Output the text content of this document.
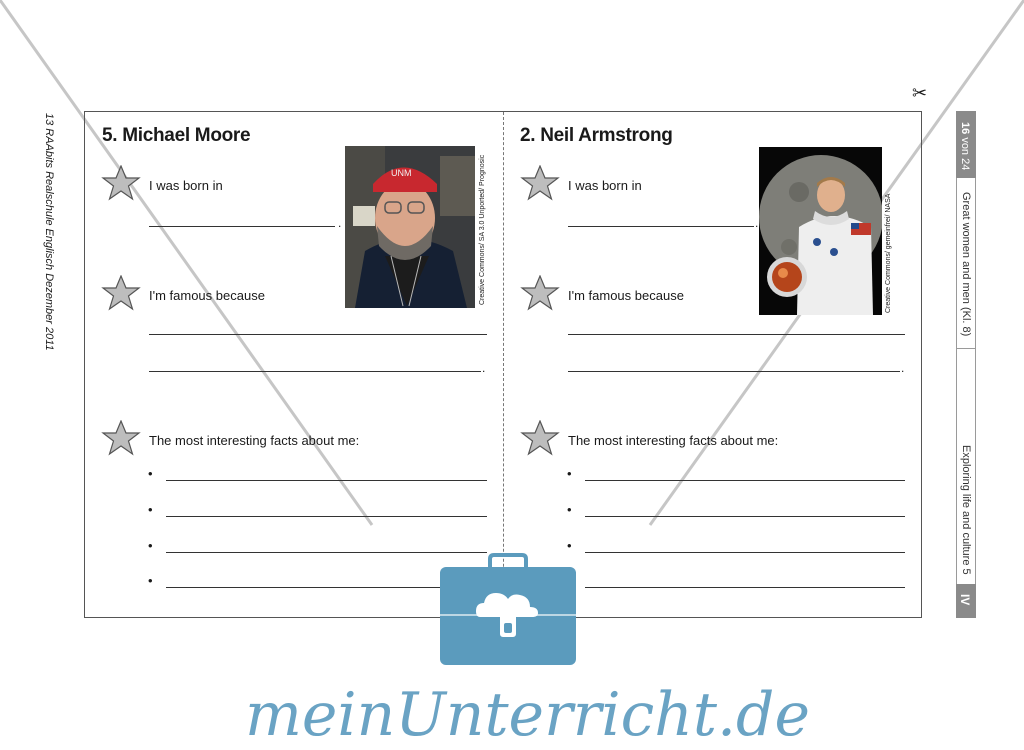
13 RAAbits Realschule Englisch Dezember 2011
✂
5. Michael Moore
UNM	Creative Commons/ SA 3.0 Unported/ Prognosic
I was born in
.
I'm famous because
.
The most interesting facts about me:
•
•
•
•
2. Neil Armstrong
Creative Commons/ gemeinfrei/ NASA
I was born in
.
I'm famous because
.
The most interesting facts about me:
•
•
•
16 von 24
Great women and men (Kl. 8)
Exploring life and culture 5
IV
meinUnterricht.de
